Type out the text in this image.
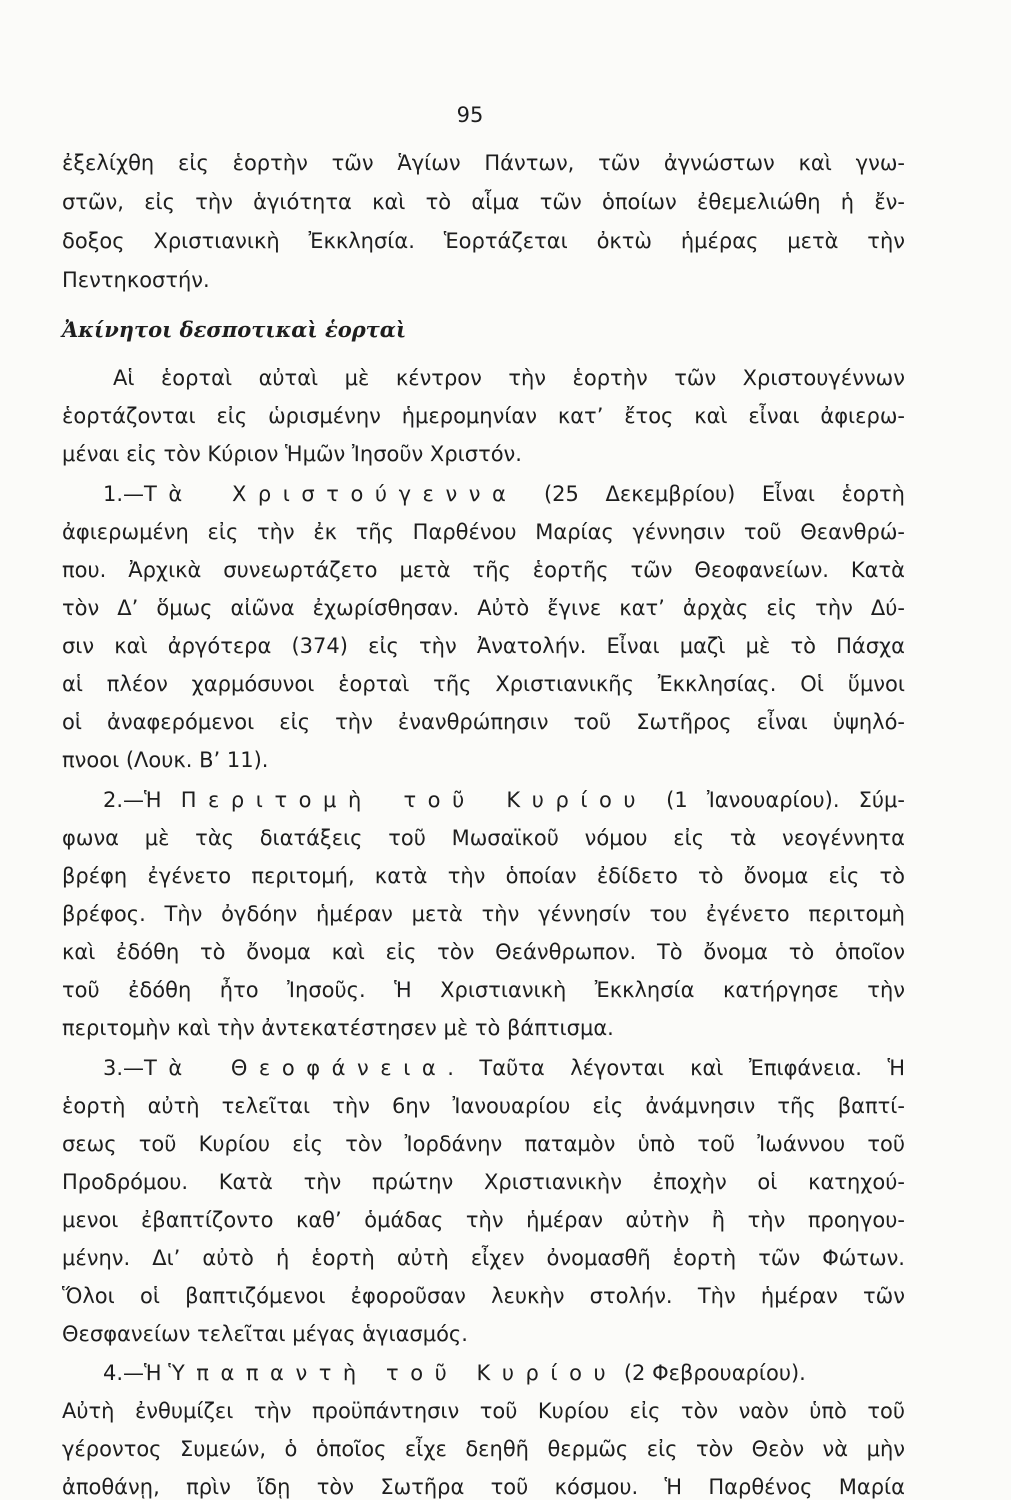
95
ἐξελίχθη εἰς ἑορτὴν τῶν Ἁγίων Πάντων, τῶν ἀγνώστων καὶ γνω-
στῶν, εἰς τὴν ἁγιότητα καὶ τὸ αἷμα τῶν ὁποίων ἐθεμελιώθη ἡ ἔν-
δοξος Χριστιανικὴ Ἐκκλησία. Ἑορτάζεται ὀκτὼ ἡμέρας μετὰ τὴν
Πεντηκοστήν.
Ἀκίνητοι δεσποτικαὶ ἑορταὶ
Αἱ ἑορταὶ αὐταὶ μὲ κέντρον τὴν ἑορτὴν τῶν Χριστουγέννων
ἑορτάζονται εἰς ὡρισμένην ἡμερομηνίαν κατ’ ἔτος καὶ εἶναι ἀφιερω-
μέναι εἰς τὸν Κύριον Ἡμῶν Ἰησοῦν Χριστόν.
1.—Τὰ Χριστούγεννα (25 Δεκεμβρίου) Εἶναι ἑορτὴ
ἀφιερωμένη εἰς τὴν ἐκ τῆς Παρθένου Μαρίας γέννησιν τοῦ Θεανθρώ-
που. Ἀρχικὰ συνεωρτάζετο μετὰ τῆς ἑορτῆς τῶν Θεοφανείων. Κατὰ
τὸν Δ’ ὅμως αἰῶνα ἐχωρίσθησαν. Αὐτὸ ἔγινε κατ’ ἀρχὰς εἰς τὴν Δύ-
σιν καὶ ἀργότερα (374) εἰς τὴν Ἀνατολήν. Εἶναι μαζὶ μὲ τὸ Πάσχα
αἱ πλέον χαρμόσυνοι ἑορταὶ τῆς Χριστιανικῆς Ἐκκλησίας. Οἱ ὕμνοι
οἱ ἀναφερόμενοι εἰς τὴν ἐνανθρώπησιν τοῦ Σωτῆρος εἶναι ὑψηλό-
πνοοι (Λουκ. Β’ 11).
2.—Ἡ Περιτομὴ τοῦ Κυρίου (1 Ἰανουαρίου). Σύμ-
φωνα μὲ τὰς διατάξεις τοῦ Μωσαϊκοῦ νόμου εἰς τὰ νεογέννητα
βρέφη ἐγένετο περιτομή, κατὰ τὴν ὁποίαν ἐδίδετο τὸ ὄνομα εἰς τὸ
βρέφος. Τὴν ὀγδόην ἡμέραν μετὰ τὴν γέννησίν του ἐγένετο περιτομὴ
καὶ ἐδόθη τὸ ὄνομα καὶ εἰς τὸν Θεάνθρωπον. Τὸ ὄνομα τὸ ὁποῖον
τοῦ ἐδόθη ἦτο Ἰησοῦς. Ἡ Χριστιανικὴ Ἐκκλησία κατήργησε τὴν
περιτομὴν καὶ τὴν ἀντεκατέστησεν μὲ τὸ βάπτισμα.
3.—Τὰ Θεοφάνεια. Ταῦτα λέγονται καὶ Ἐπιφάνεια. Ἡ
ἑορτὴ αὐτὴ τελεῖται τὴν 6ην Ἰανουαρίου εἰς ἀνάμνησιν τῆς βαπτί-
σεως τοῦ Κυρίου εἰς τὸν Ἰορδάνην παταμὸν ὑπὸ τοῦ Ἰωάννου τοῦ
Προδρόμου. Κατὰ τὴν πρώτην Χριστιανικὴν ἐποχὴν οἱ κατηχού-
μενοι ἐβαπτίζοντο καθ’ ὁμάδας τὴν ἡμέραν αὐτὴν ἢ τὴν προηγου-
μένην. Δι’ αὐτὸ ἡ ἑορτὴ αὐτὴ εἶχεν ὀνομασθῆ ἑορτὴ τῶν Φώτων.
Ὅλοι οἱ βαπτιζόμενοι ἐφοροῦσαν λευκὴν στολήν. Τὴν ἡμέραν τῶν
Θεσφανείων τελεῖται μέγας ἁγιασμός.
4.—Ἡ Ὑπαπαντὴ τοῦ Κυρίου (2 Φεβρουαρίου).
Αὐτὴ ἐνθυμίζει τὴν προϋπάντησιν τοῦ Κυρίου εἰς τὸν ναὸν ὑπὸ τοῦ
γέροντος Συμεών, ὁ ὁποῖος εἶχε δεηθῆ θερμῶς εἰς τὸν Θεὸν νὰ μὴν
ἀποθάνῃ, πρὶν ἴδῃ τὸν Σωτῆρα τοῦ κόσμου. Ἡ Παρθένος Μαρία
